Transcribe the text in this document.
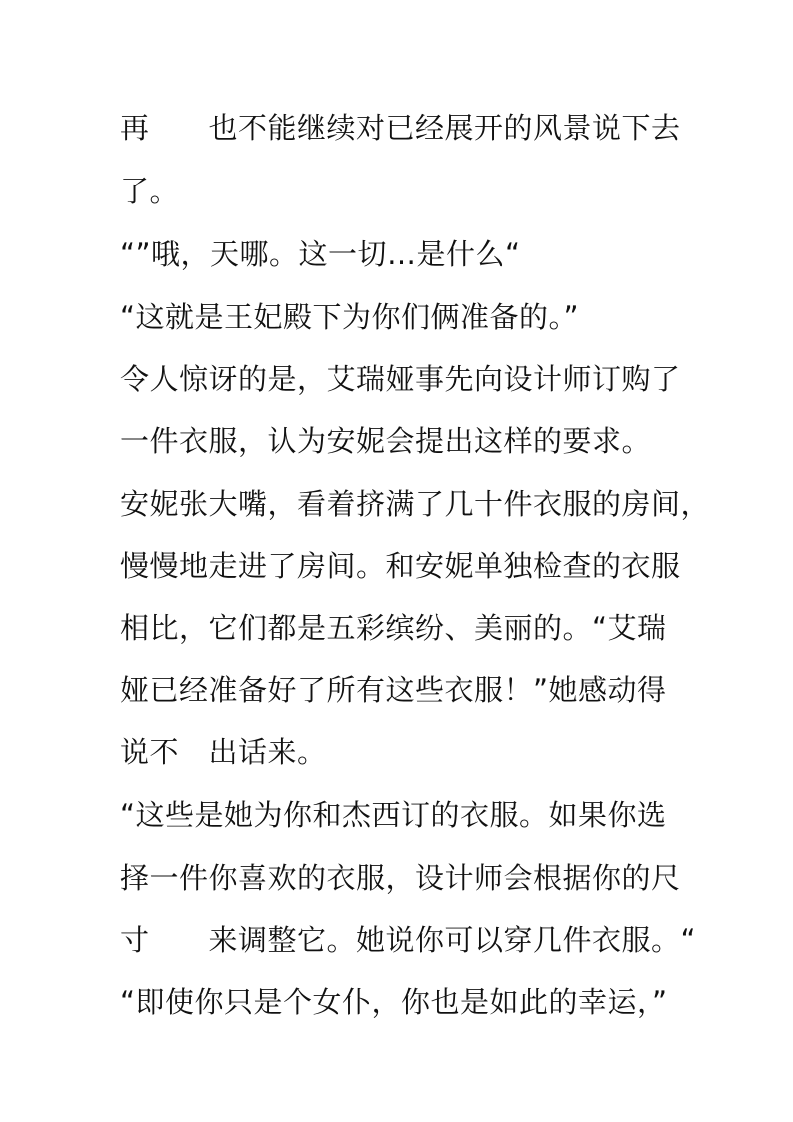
再　　也不能继续对已经展开的风景说下去
了。
“”哦，天哪。这一切…是什么“
“这就是王妃殿下为你们俩准备的。”
令人惊讶的是，艾瑞娅事先向设计师订购了
一件衣服，认为安妮会提出这样的要求。
安妮张大嘴，看着挤满了几十件衣服的房间，
慢慢地走进了房间。和安妮单独检查的衣服
相比，它们都是五彩缤纷、美丽的。“艾瑞
娅已经准备好了所有这些衣服！”她感动得
说不　出话来。
“这些是她为你和杰西订的衣服。如果你选
择一件你喜欢的衣服，设计师会根据你的尺
寸　　来调整它。她说你可以穿几件衣服。“
“即使你只是个女仆，你也是如此的幸运，”
